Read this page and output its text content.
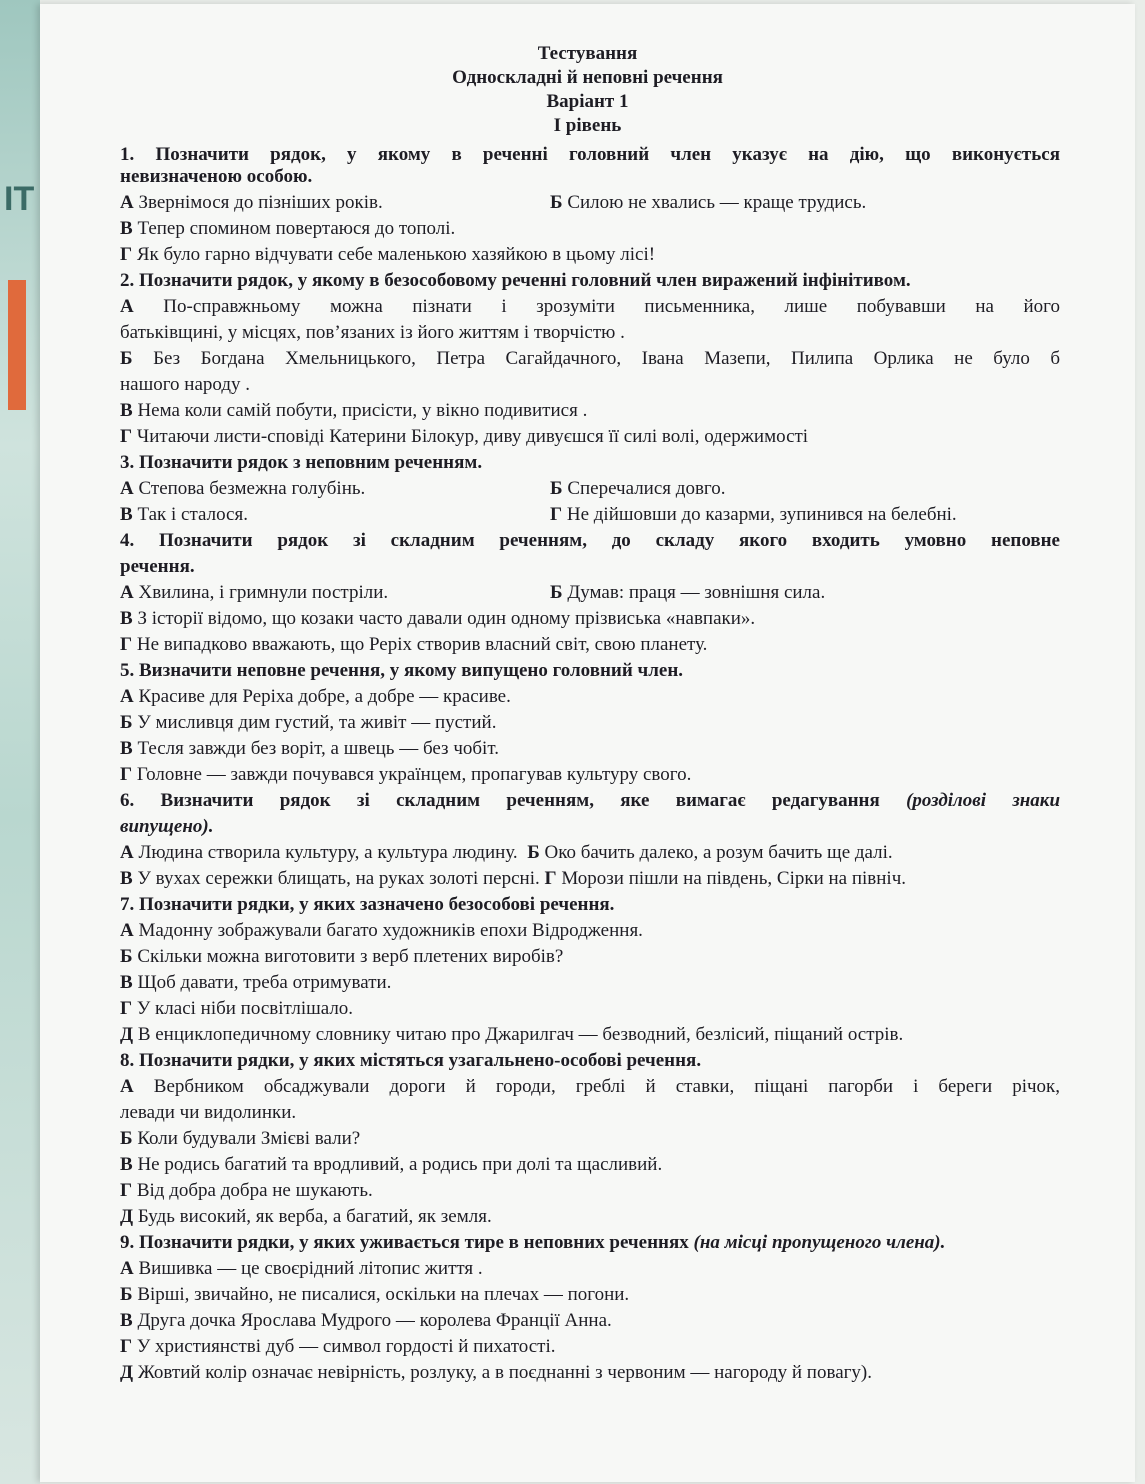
ІТ
Тестування
Односкладні й неповні речення
Варіант 1
І рівень
1. Позначити рядок, у якому в реченні головний член указує на дію, що виконується
невизначеною особою.
А Звернімося до пізніших років.	Б Силою не хвались — краще трудись.
В Тепер спомином повертаюся до тополі.
Г Як було гарно відчувати себе маленькою хазяйкою в цьому лісі!
2. Позначити рядок, у якому в безособовому реченні головний член виражений інфінітивом.
А По-справжньому можна пізнати і зрозуміти письменника, лише побувавши на його
батьківщині, у місцях, пов’язаних із його життям і творчістю .
Б Без Богдана Хмельницького, Петра Сагайдачного, Івана Мазепи, Пилипа Орлика не було б
нашого народу .
В Нема коли самій побути, присісти, у вікно подивитися .
Г Читаючи листи-сповіді Катерини Білокур, диву дивуєшся її силі волі, одержимості
3. Позначити рядок з неповним реченням.
А Степова безмежна голубінь.	Б Сперечалися довго.
В Так і сталося.	Г Не дійшовши до казарми, зупинився на белебні.
4. Позначити рядок зі складним реченням, до складу якого входить умовно неповне
речення.
А Хвилина, і гримнули постріли.	Б Думав: праця — зовнішня сила.
В З історії відомо, що козаки часто давали один одному прізвиська «навпаки».
Г Не випадково вважають, що Реріх створив власний світ, свою планету.
5. Визначити неповне речення, у якому випущено головний член.
А Красиве для Реріха добре, а добре — красиве.
Б У мисливця дим густий, та живіт — пустий.
В Тесля завжди без воріт, а швець — без чобіт.
Г Головне — завжди почувався українцем, пропагував культуру свого.
6. Визначити рядок зі складним реченням, яке вимагає редагування (розділові знаки
випущено).
А Людина створила культуру, а культура людину. Б Око бачить далеко, а розум бачить ще далі.
В У вухах сережки блищать, на руках золоті персні. Г Морози пішли на південь, Сірки на північ.
7. Позначити рядки, у яких зазначено безособові речення.
А Мадонну зображували багато художників епохи Відродження.
Б Скільки можна виготовити з верб плетених виробів?
В Щоб давати, треба отримувати.
Г У класі ніби посвітлішало.
Д В енциклопедичному словнику читаю про Джарилгач — безводний, безлісий, піщаний острів.
8. Позначити рядки, у яких містяться узагальнено-особові речення.
А Вербником обсаджували дороги й городи, греблі й ставки, піщані пагорби і береги річок,
левади чи видолинки.
Б Коли будували Змієві вали?
В Не родись багатий та вродливий, а родись при долі та щасливий.
Г Від добра добра не шукають.
Д Будь високий, як верба, а багатий, як земля.
9. Позначити рядки, у яких уживається тире в неповних реченнях (на місці пропущеного члена).
А Вишивка — це своєрідний літопис життя .
Б Вірші, звичайно, не писалися, оскільки на плечах — погони.
В Друга дочка Ярослава Мудрого — королева Франції Анна.
Г У християнстві дуб — символ гордості й пихатості.
Д Жовтий колір означає невірність, розлуку, а в поєднанні з червоним — нагороду й повагу).
